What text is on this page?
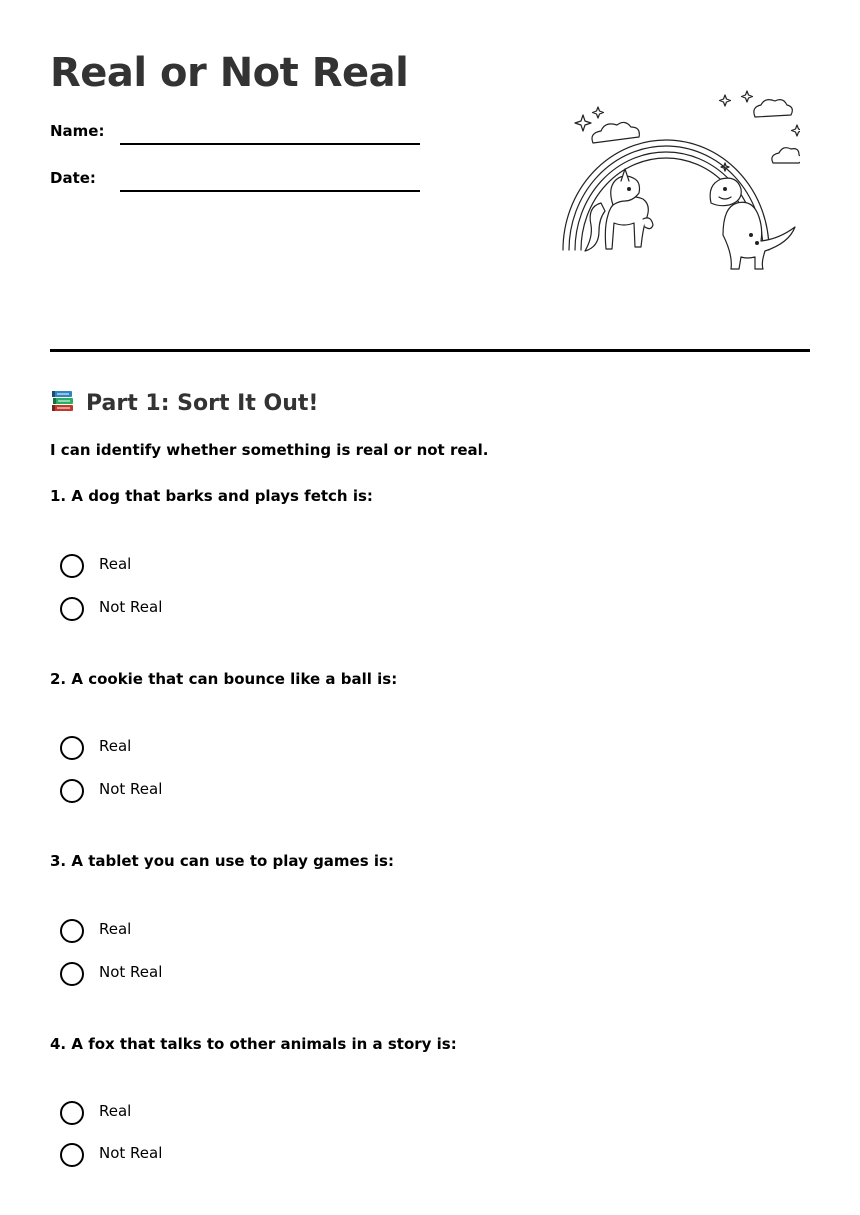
Real or Not Real
Name:
Date:
Part 1: Sort It Out!
I can identify whether something is real or not real.
1. A dog that barks and plays fetch is:
Real
Not Real
2. A cookie that can bounce like a ball is:
Real
Not Real
3. A tablet you can use to play games is:
Real
Not Real
4. A fox that talks to other animals in a story is:
Real
Not Real
